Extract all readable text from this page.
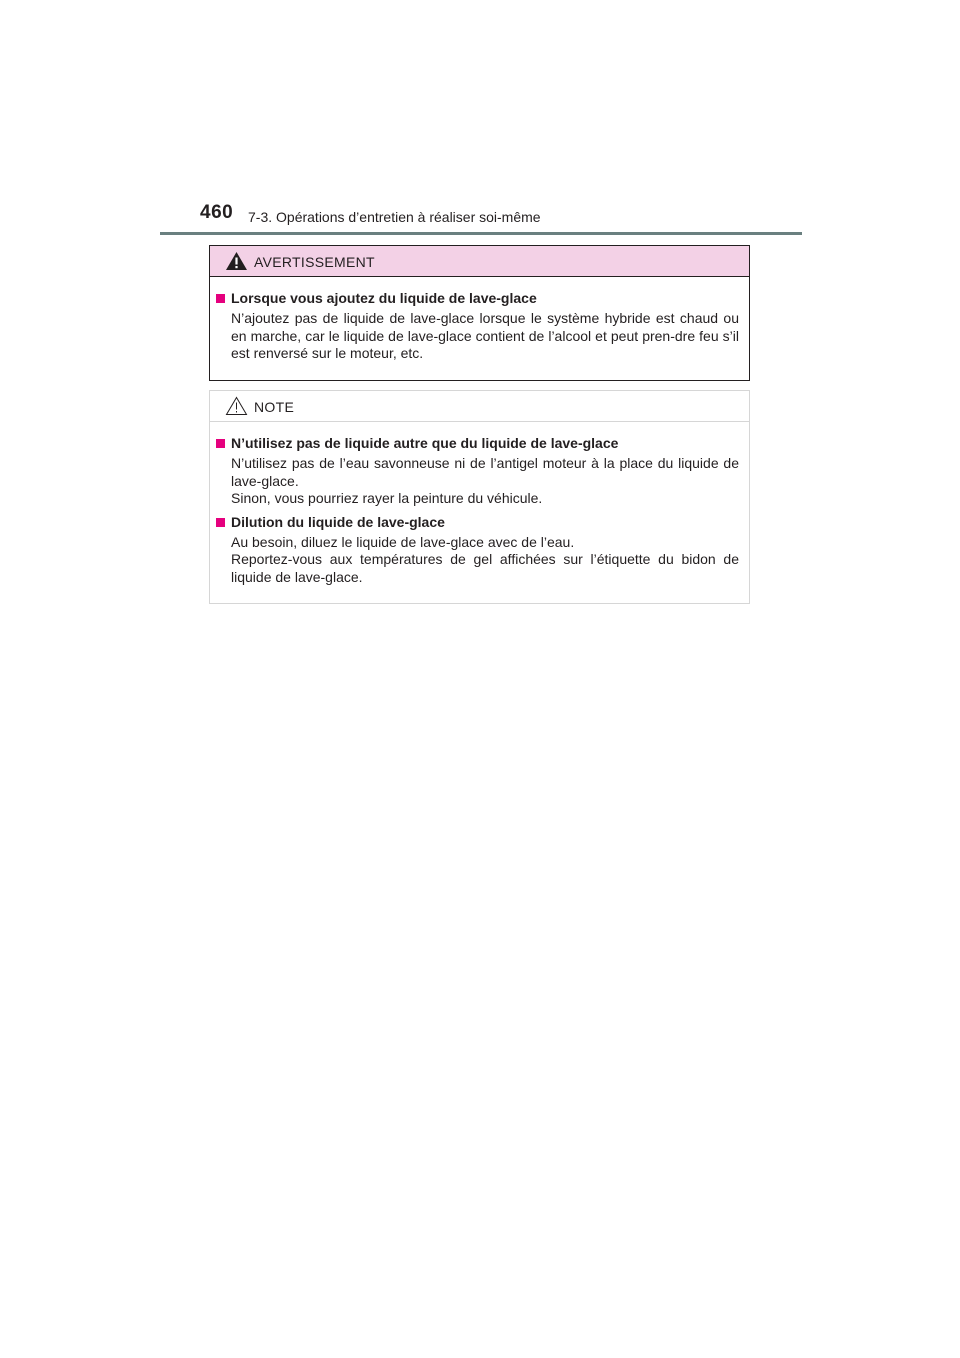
460 7-3. Opérations d’entretien à réaliser soi-même
AVERTISSEMENT
Lorsque vous ajoutez du liquide de lave-glace

N’ajoutez pas de liquide de lave-glace lorsque le système hybride est chaud ou en marche, car le liquide de lave-glace contient de l’alcool et peut pren-dre feu s’il est renversé sur le moteur, etc.

NOTE
N’utilisez pas de liquide autre que du liquide de lave-glace

N’utilisez pas de l’eau savonneuse ni de l’antigel moteur à la place du liquide de lave-glace.

Sinon, vous pourriez rayer la peinture du véhicule.

Dilution du liquide de lave-glace

Au besoin, diluez le liquide de lave-glace avec de l’eau.

Reportez-vous aux températures de gel affichées sur l’étiquette du bidon de liquide de lave-glace.
